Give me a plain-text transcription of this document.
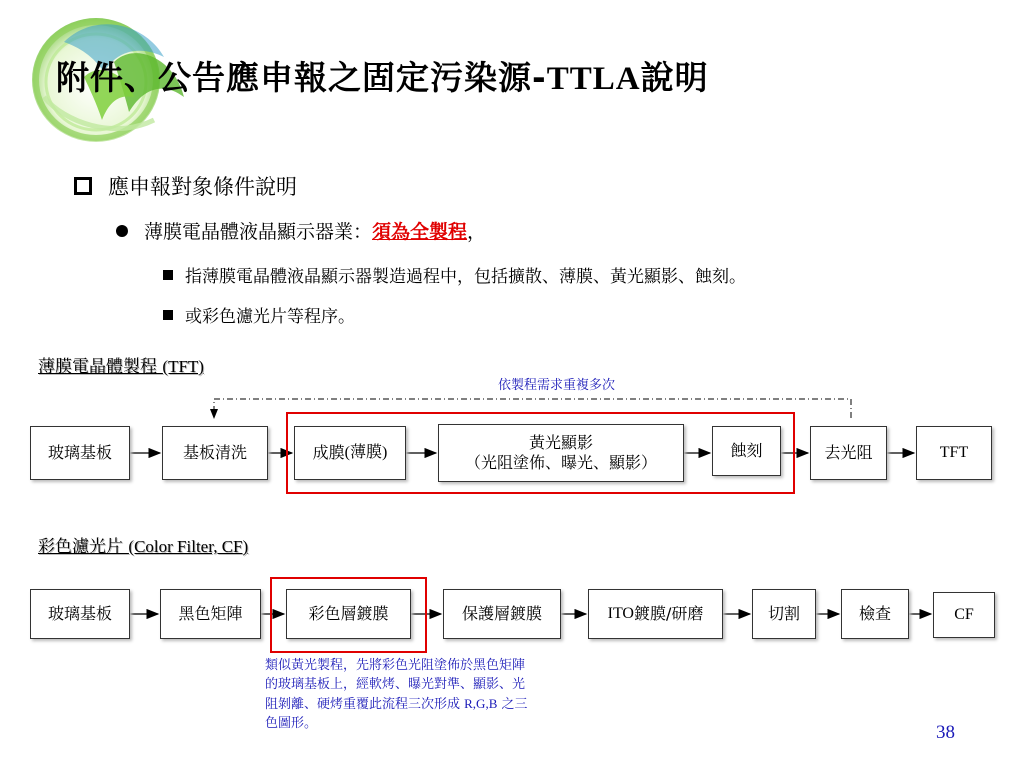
附件、公告應申報之固定污染源-TTLA說明
應申報對象條件說明
薄膜電晶體液晶顯示器業：須為全製程，
指薄膜電晶體液晶顯示器製造過程中，包括擴散、薄膜、黃光顯影、蝕刻。
或彩色濾光片等程序。
薄膜電晶體製程 (TFT)
依製程需求重複多次
玻璃基板	基板清洗	成膜 (薄膜)
黃光顯影
（光阻塗佈、曝光、顯影）
蝕刻	去光阻	TFT
彩色濾光片 (Color Filter, CF)
玻璃基板	黑色矩陣	彩色層鍍膜	保護層鍍膜	ITO 鍍膜/研磨	切割	檢查	CF
類似黃光製程，先將彩色光阻塗佈於黑色矩陣的玻璃基板上，經軟烤、曝光對準、顯影、光阻剝離、硬烤重覆此流程三次形成 R,G,B 之三色圖形。	38
